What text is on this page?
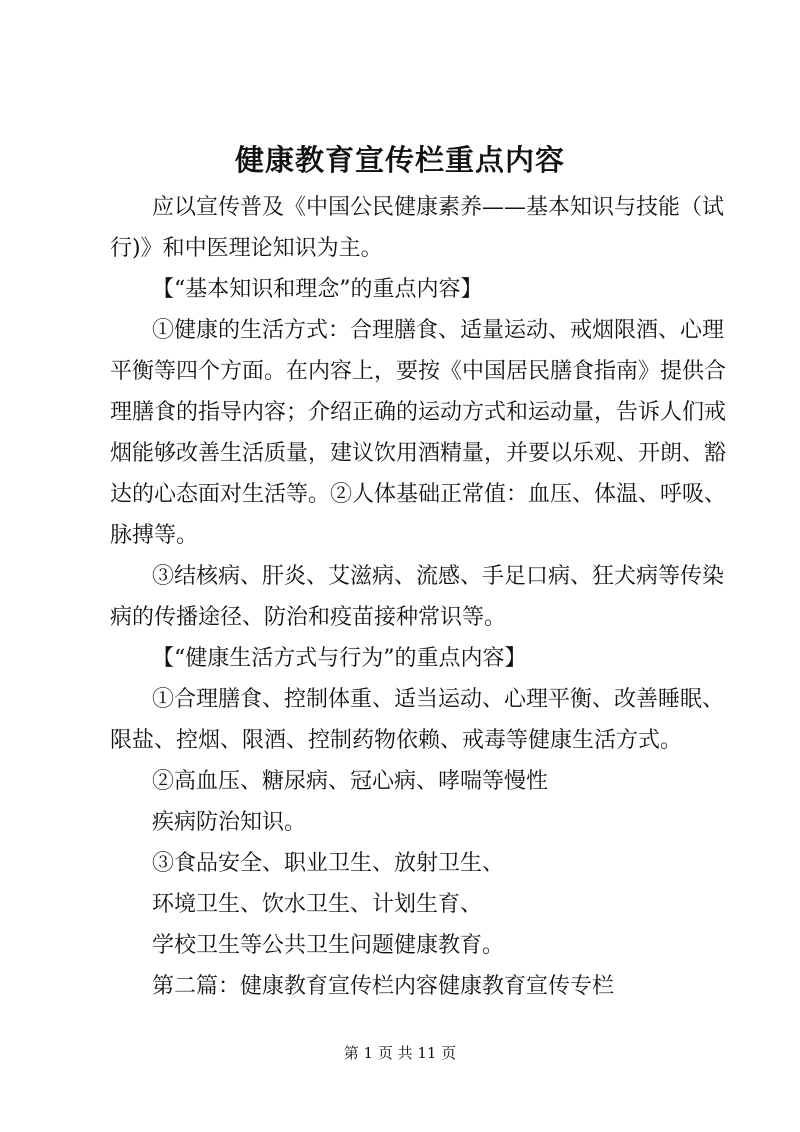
健康教育宣传栏重点内容
应以宣传普及《中国公民健康素养——基本知识与技能（试
行)》和中医理论知识为主。
【“基本知识和理念”的重点内容】
①健康的生活方式：合理膳食、适量运动、戒烟限酒、心理
平衡等四个方面。在内容上，要按《中国居民膳食指南》提供合
理膳食的指导内容；介绍正确的运动方式和运动量，告诉人们戒
烟能够改善生活质量，建议饮用酒精量，并要以乐观、开朗、豁
达的心态面对生活等。②人体基础正常值：血压、体温、呼吸、
脉搏等。
③结核病、肝炎、艾滋病、流感、手足口病、狂犬病等传染
病的传播途径、防治和疫苗接种常识等。
【“健康生活方式与行为”的重点内容】
①合理膳食、控制体重、适当运动、心理平衡、改善睡眠、
限盐、控烟、限酒、控制药物依赖、戒毒等健康生活方式。
②高血压、糖尿病、冠心病、哮喘等慢性
疾病防治知识。
③食品安全、职业卫生、放射卫生、
环境卫生、饮水卫生、计划生育、
学校卫生等公共卫生问题健康教育。
第二篇：健康教育宣传栏内容健康教育宣传专栏
第 1 页 共 11 页
